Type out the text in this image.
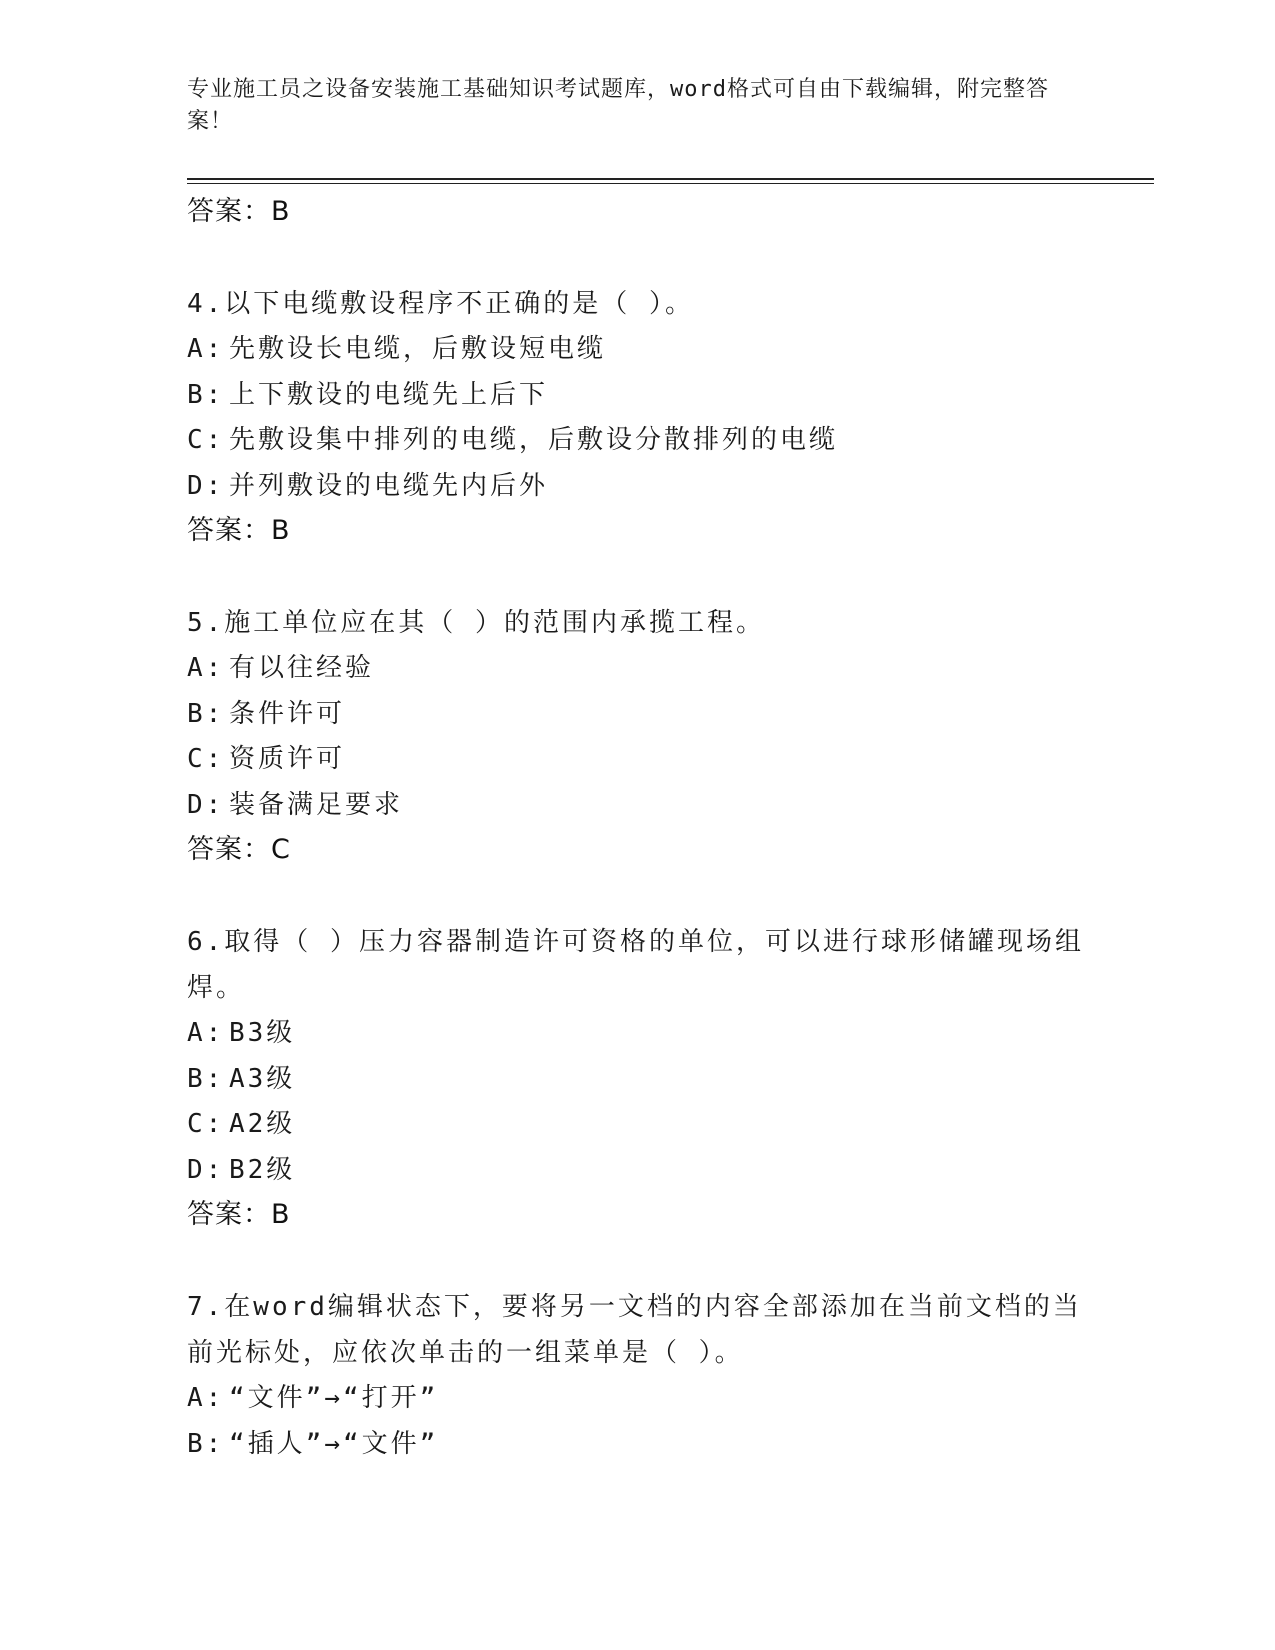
专业施工员之设备安装施工基础知识考试题库，word格式可自由下载编辑，附完整答案！
答案：B
4.以下电缆敷设程序不正确的是（ ）。
A: 先敷设长电缆，后敷设短电缆
B: 上下敷设的电缆先上后下
C: 先敷设集中排列的电缆，后敷设分散排列的电缆
D: 并列敷设的电缆先内后外
答案：B
5.施工单位应在其（ ）的范围内承揽工程。
A: 有以往经验
B: 条件许可
C: 资质许可
D: 装备满足要求
答案：C
6.取得（ ）压力容器制造许可资格的单位，可以进行球形储罐现场组焊。
A: B3级
B: A3级
C: A2级
D: B2级
答案：B
7.在word编辑状态下，要将另一文档的内容全部添加在当前文档的当前光标处，应依次单击的一组菜单是（ ）。
A: “文件”→“打开”
B: “插人”→“文件”
